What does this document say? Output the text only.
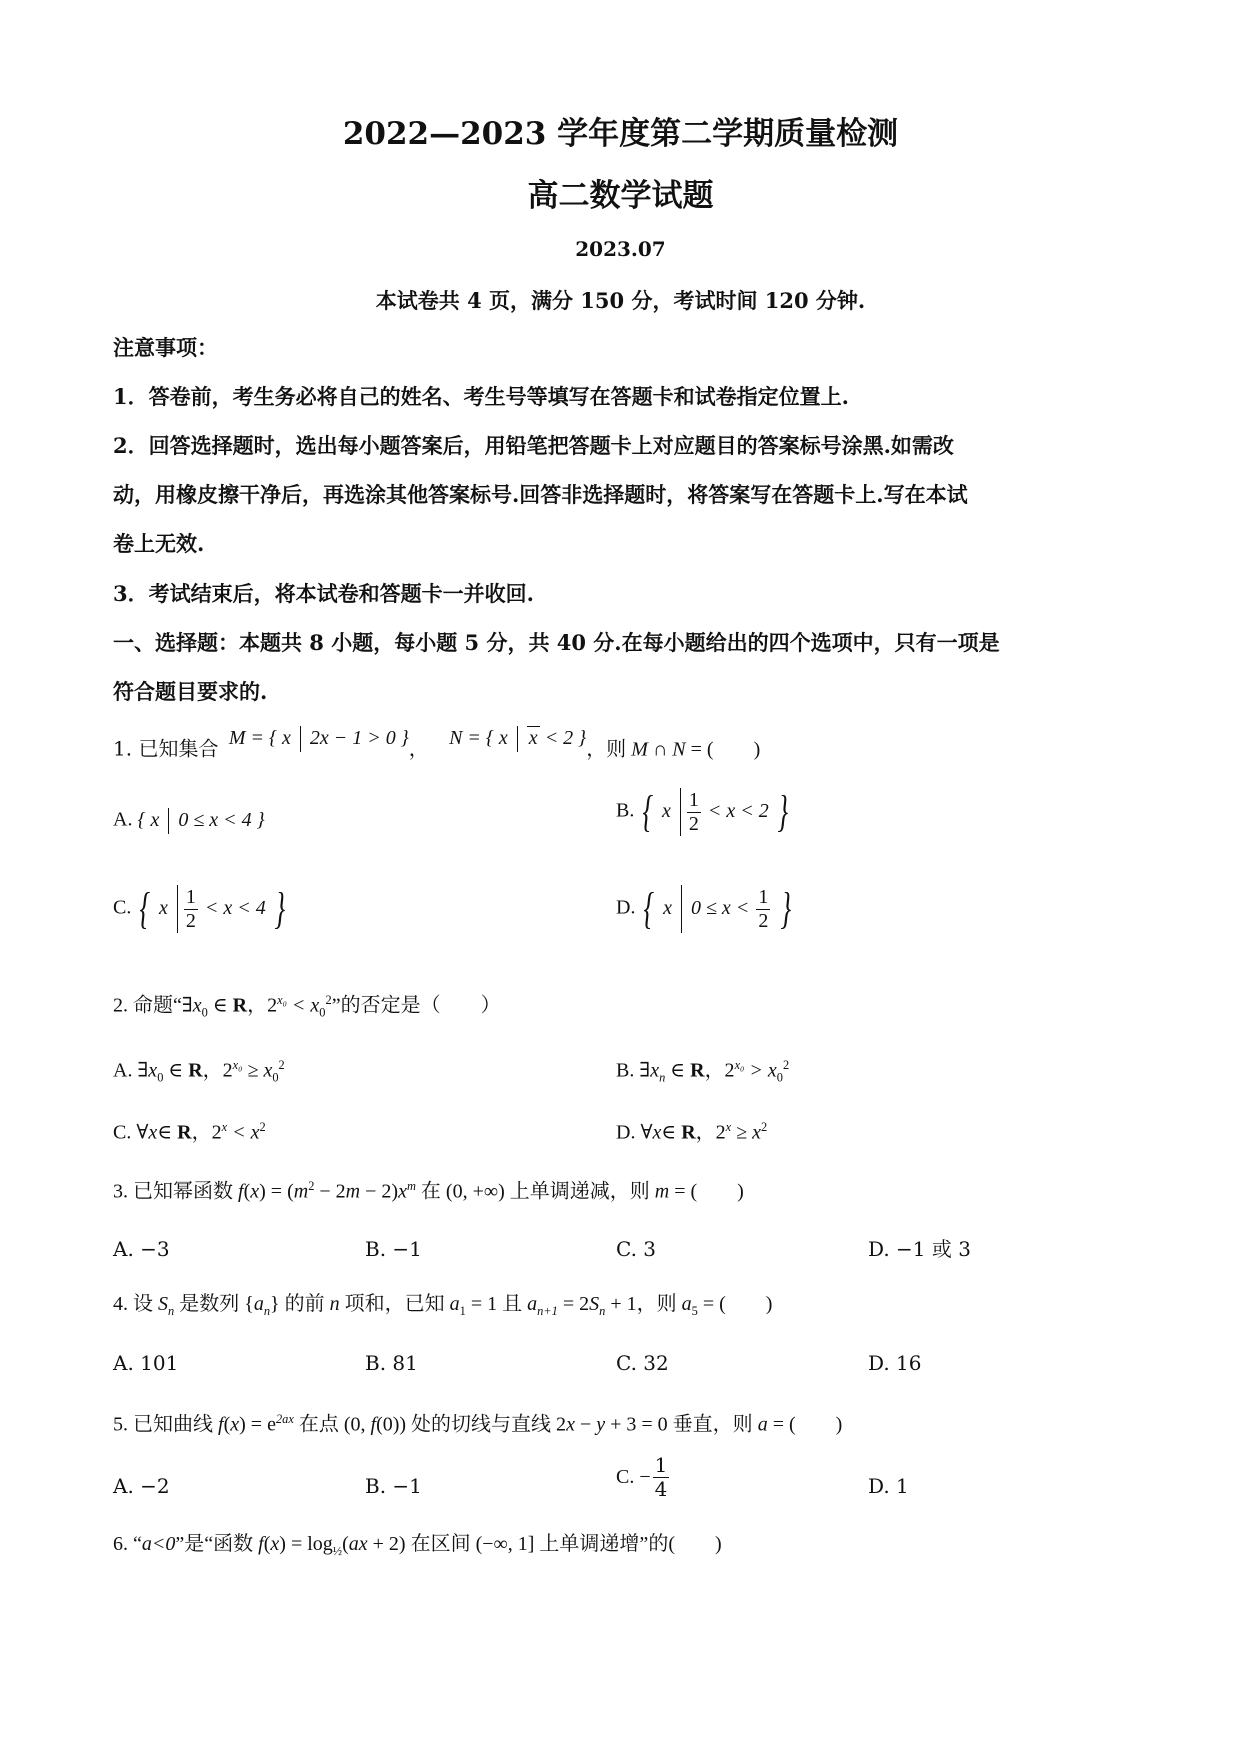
2022—2023 学年度第二学期质量检测
高二数学试题
2023.07
本试卷共 4 页，满分 150 分，考试时间 120 分钟.
注意事项：
1．答卷前，考生务必将自己的姓名、考生号等填写在答题卡和试卷指定位置上.
2．回答选择题时，选出每小题答案后，用铅笔把答题卡上对应题目的答案标号涂黑.如需改
动，用橡皮擦干净后，再选涂其他答案标号.回答非选择题时，将答案写在答题卡上.写在本试
卷上无效.
3．考试结束后，将本试卷和答题卡一并收回.
一、选择题：本题共 8 小题，每小题 5 分，共 40 分.在每小题给出的四个选项中，只有一项是
符合题目要求的.
1. 已知集合 M = { x  2x − 1 > 0 }， N = { x  x < 2 }，则 M ∩ N = (　　)
A. { x  0 ≤ x < 4 }	B. { x $\frac{1}{2} < x < 2$ }
C. { x $\frac{1}{2} < x < 4$ }	D. { x  $0 \le x < \frac{1}{2}$ }
2. 命题“$\exists x_0$ ∈ R，$2^{x_0} < x_0^2$”的否定是（　　）
A. $\exists x_0$ ∈ R，$2^{x_0} \ge x_0^2$	B. $\exists x_n$ ∈ R，$2^{x_0} > x_0^2$
C. ∀x∈ R，$2^x < x^2$	D. ∀x∈ R，$2^x \ge x^2$
3. 已知幂函数 $f(x) = (m^2 - 2m - 2)x^m$ 在 (0, +∞) 上单调递减，则 m = (　　)
A. −3	B. −1	C. 3	D. −1 或 3
4. 设 $S_n$ 是数列 $\{a_n\}$ 的前 n 项和，已知 $a_1 = 1$ 且 $a_{n+1} = 2S_n + 1$，则 $a_5$ = (　　)
A. 101	B. 81	C. 32	D. 16
5. 已知曲线 $f(x) = e^{2ax}$ 在点 (0, f(0)) 处的切线与直线 2x − y + 3 = 0 垂直，则 a = (　　)
A. −2	B. −1	C. − $\frac{1}{4}$	D. 1
6. “a<0”是“函数 $f(x) = \log_{\frac{1}{2}}(ax + 2)$ 在区间 (−∞, 1] 上单调递增”的(　　)
